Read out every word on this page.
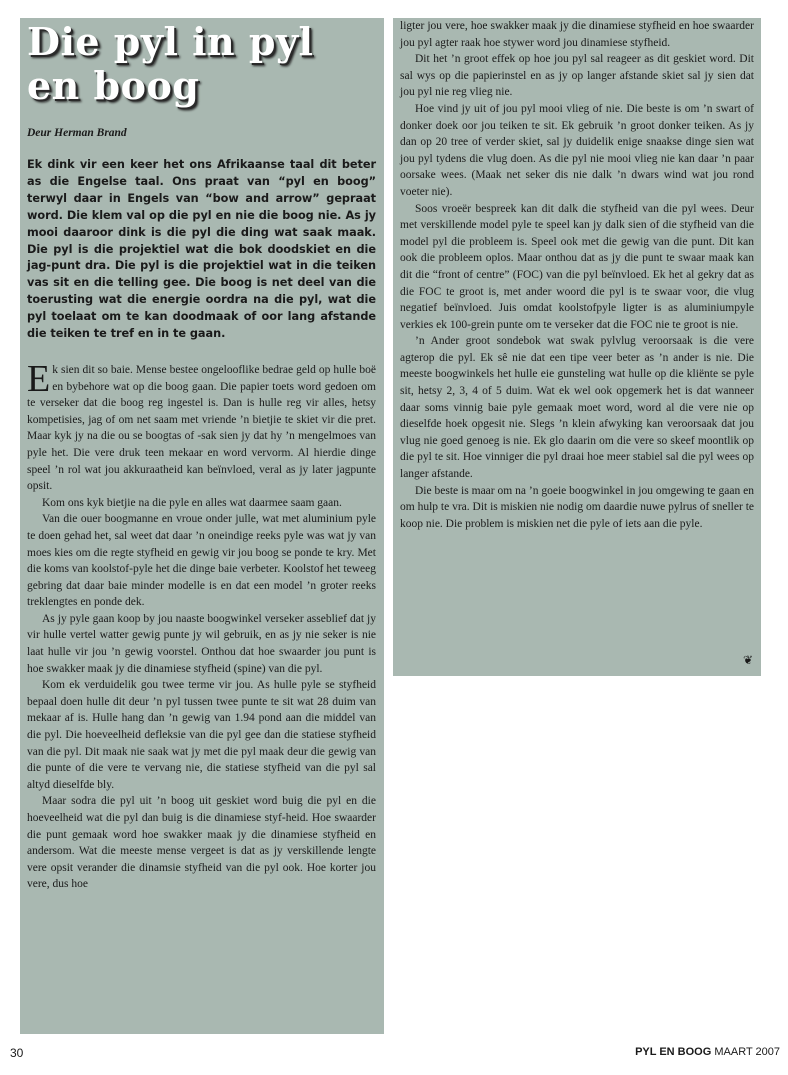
Die pyl in pyl
en boog

Deur Herman Brand

Ek dink vir een keer het ons Afrikaanse taal dit beter as die Engelse taal. Ons praat van “pyl en boog” terwyl daar in Engels van “bow and arrow” gepraat word. Die klem val op die pyl en nie die boog nie. As jy mooi daaroor dink is die pyl die ding wat saak maak. Die pyl is die projektiel wat die bok doodskiet en die jag-punt dra. Die pyl is die projektiel wat in die teiken vas sit en die telling gee. Die boog is net deel van die toerusting wat die energie oordra na die pyl, wat die pyl toelaat om te kan doodmaak of oor lang afstande die teiken te tref en in te gaan.

Ek sien dit so baie. Mense bestee ongelooflike bedrae geld op hulle boë en bybehore wat op die boog gaan. Die papier toets word gedoen om te verseker dat die boog reg ingestel is. Dan is hulle reg vir alles, hetsy kompetisies, jag of om net saam met vriende ’n bietjie te skiet vir die pret. Maar kyk jy na die ou se boogtas of -sak sien jy dat hy ’n mengelmoes van pyle het. Die vere druk teen mekaar en word vervorm. Al hierdie dinge speel ’n rol wat jou akkuraatheid kan beïnvloed, veral as jy later jagpunte opsit.

Kom ons kyk bietjie na die pyle en alles wat daarmee saam gaan.

Van die ouer boogmanne en vroue onder julle, wat met aluminium pyle te doen gehad het, sal weet dat daar ’n oneindige reeks pyle was wat jy van moes kies om die regte styfheid en gewig vir jou boog se ponde te kry. Met die koms van koolstof-pyle het die dinge baie verbeter. Koolstof het teweeg gebring dat daar baie minder modelle is en dat een model ’n groter reeks treklengtes en ponde dek.

As jy pyle gaan koop by jou naaste boogwinkel verseker asseblief dat jy vir hulle vertel watter gewig punte jy wil gebruik, en as jy nie seker is nie laat hulle vir jou ’n gewig voorstel. Onthou dat hoe swaarder jou punt is hoe swakker maak jy die dinamiese styfheid (spine) van die pyl.

Kom ek verduidelik gou twee terme vir jou. As hulle pyle se styfheid bepaal doen hulle dit deur ’n pyl tussen twee punte te sit wat 28 duim van mekaar af is. Hulle hang dan ’n gewig van 1.94 pond aan die middel van die pyl. Die hoeveelheid defleksie van die pyl gee dan die statiese styfheid van die pyl. Dit maak nie saak wat jy met die pyl maak deur die gewig van die punte of die vere te vervang nie, die statiese styfheid van die pyl sal altyd dieselfde bly.

Maar sodra die pyl uit ’n boog uit geskiet word buig die pyl en die hoeveelheid wat die pyl dan buig is die dinamiese styf-heid. Hoe swaarder die punt gemaak word hoe swakker maak jy die dinamiese styfheid en andersom. Wat die meeste mense vergeet is dat as jy verskillende lengte vere opsit verander die dinamsie styfheid van die pyl ook. Hoe korter jou vere, dus hoe

ligter jou vere, hoe swakker maak jy die dinamiese styfheid en hoe swaarder jou pyl agter raak hoe stywer word jou dinamiese styfheid.

Dit het ’n groot effek op hoe jou pyl sal reageer as dit geskiet word. Dit sal wys op die papierinstel en as jy op langer afstande skiet sal jy sien dat jou pyl nie reg vlieg nie.

Hoe vind jy uit of jou pyl mooi vlieg of nie. Die beste is om ’n swart of donker doek oor jou teiken te sit. Ek gebruik ’n groot donker teiken. As jy dan op 20 tree of verder skiet, sal jy duidelik enige snaakse dinge sien wat jou pyl tydens die vlug doen. As die pyl nie mooi vlieg nie kan daar ’n paar oorsake wees. (Maak net seker dis nie dalk ’n dwars wind wat jou rond voeter nie).

Soos vroeër bespreek kan dit dalk die styfheid van die pyl wees. Deur met verskillende model pyle te speel kan jy dalk sien of die styfheid van die model pyl die probleem is. Speel ook met die gewig van die punt. Dit kan ook die probleem oplos. Maar onthou dat as jy die punt te swaar maak kan dit die “front of centre” (FOC) van die pyl beïnvloed. Ek het al gekry dat as die FOC te groot is, met ander woord die pyl is te swaar voor, die vlug negatief beïnvloed. Juis omdat koolstofpyle ligter is as aluminiumpyle verkies ek 100-grein punte om te verseker dat die FOC nie te groot is nie.

’n Ander groot sondebok wat swak pylvlug veroorsaak is die vere agterop die pyl. Ek sê nie dat een tipe veer beter as ’n ander is nie. Die meeste boogwinkels het hulle eie gunsteling wat hulle op die kliënte se pyle sit, hetsy 2, 3, 4 of 5 duim. Wat ek wel ook opgemerk het is dat wanneer daar soms vinnig baie pyle gemaak moet word, word al die vere nie op dieselfde hoek opgesit nie. Slegs ’n klein afwyking kan veroorsaak dat jou vlug nie goed genoeg is nie. Ek glo daarin om die vere so skeef moontlik op die pyl te sit. Hoe vinniger die pyl draai hoe meer stabiel sal die pyl wees op langer afstande.

Die beste is maar om na ’n goeie boogwinkel in jou omgewing te gaan en om hulp te vra. Dit is miskien nie nodig om daardie nuwe pylrus of sneller te koop nie. Die problem is miskien net die pyle of iets aan die pyle.

❦
30	PYL EN BOOG MAART 2007
